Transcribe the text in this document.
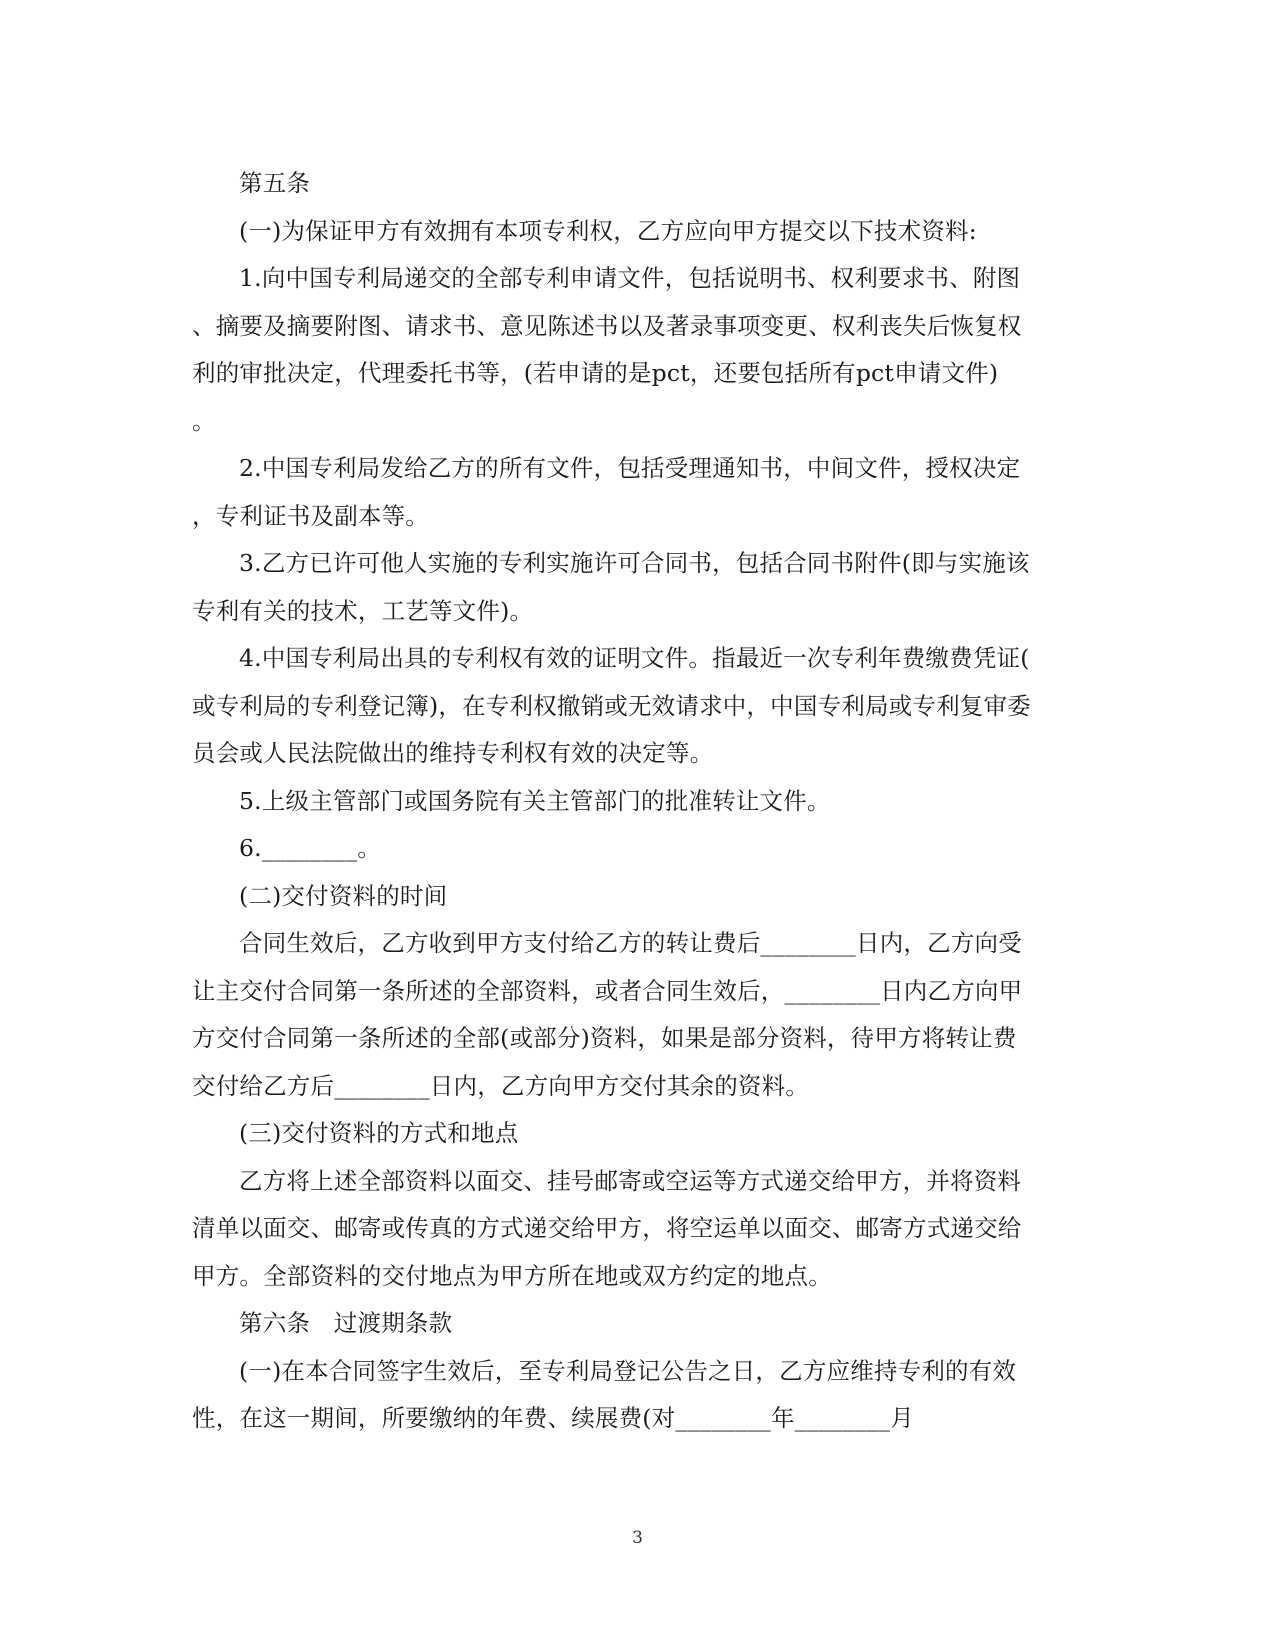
第五条
(一)为保证甲方有效拥有本项专利权，乙方应向甲方提交以下技术资料:
1.向中国专利局递交的全部专利申请文件，包括说明书、权利要求书、附图
、摘要及摘要附图、请求书、意见陈述书以及著录事项变更、权利丧失后恢复权
利的审批决定，代理委托书等，(若申请的是pct，还要包括所有pct申请文件)
。
2.中国专利局发给乙方的所有文件，包括受理通知书，中间文件，授权决定
，专利证书及副本等。
3.乙方已许可他人实施的专利实施许可合同书，包括合同书附件(即与实施该
专利有关的技术，工艺等文件)。
4.中国专利局出具的专利权有效的证明文件。指最近一次专利年费缴费凭证(
或专利局的专利登记簿)，在专利权撤销或无效请求中，中国专利局或专利复审委
员会或人民法院做出的维持专利权有效的决定等。
5.上级主管部门或国务院有关主管部门的批准转让文件。
6.________。
(二)交付资料的时间
合同生效后，乙方收到甲方支付给乙方的转让费后________日内，乙方向受
让主交付合同第一条所述的全部资料，或者合同生效后，________日内乙方向甲
方交付合同第一条所述的全部(或部分)资料，如果是部分资料，待甲方将转让费
交付给乙方后________日内，乙方向甲方交付其余的资料。
(三)交付资料的方式和地点
乙方将上述全部资料以面交、挂号邮寄或空运等方式递交给甲方，并将资料
清单以面交、邮寄或传真的方式递交给甲方，将空运单以面交、邮寄方式递交给
甲方。全部资料的交付地点为甲方所在地或双方约定的地点。
第六条　过渡期条款
(一)在本合同签字生效后，至专利局登记公告之日，乙方应维持专利的有效
性，在这一期间，所要缴纳的年费、续展费(对________年________月
3
